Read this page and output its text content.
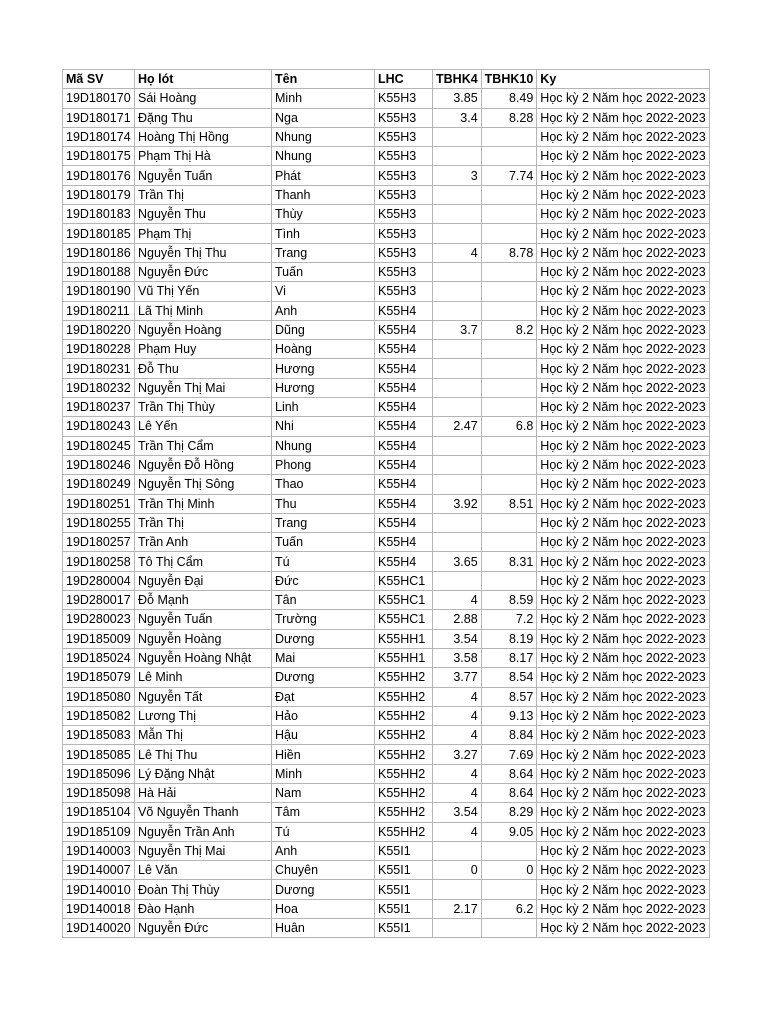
Mã SV	Họ lót	Tên	LHC	TBHK4	TBHK10	Ky
19D180170	Sái Hoàng	Minh	K55H3	3.85	8.49	Học kỳ 2 Năm học 2022-2023
19D180171	Đặng Thu	Nga	K55H3	3.4	8.28	Học kỳ 2 Năm học 2022-2023
19D180174	Hoàng Thị Hồng	Nhung	K55H3			Học kỳ 2 Năm học 2022-2023
19D180175	Phạm Thị Hà	Nhung	K55H3			Học kỳ 2 Năm học 2022-2023
19D180176	Nguyễn Tuấn	Phát	K55H3	3	7.74	Học kỳ 2 Năm học 2022-2023
19D180179	Trần Thị	Thanh	K55H3			Học kỳ 2 Năm học 2022-2023
19D180183	Nguyễn Thu	Thùy	K55H3			Học kỳ 2 Năm học 2022-2023
19D180185	Phạm Thị	Tình	K55H3			Học kỳ 2 Năm học 2022-2023
19D180186	Nguyễn Thị Thu	Trang	K55H3	4	8.78	Học kỳ 2 Năm học 2022-2023
19D180188	Nguyễn Đức	Tuấn	K55H3			Học kỳ 2 Năm học 2022-2023
19D180190	Vũ Thị Yến	Vi	K55H3			Học kỳ 2 Năm học 2022-2023
19D180211	Lã Thị Minh	Anh	K55H4			Học kỳ 2 Năm học 2022-2023
19D180220	Nguyễn Hoàng	Dũng	K55H4	3.7	8.2	Học kỳ 2 Năm học 2022-2023
19D180228	Phạm Huy	Hoàng	K55H4			Học kỳ 2 Năm học 2022-2023
19D180231	Đỗ Thu	Hương	K55H4			Học kỳ 2 Năm học 2022-2023
19D180232	Nguyễn Thị Mai	Hương	K55H4			Học kỳ 2 Năm học 2022-2023
19D180237	Trần Thị Thùy	Linh	K55H4			Học kỳ 2 Năm học 2022-2023
19D180243	Lê Yến	Nhi	K55H4	2.47	6.8	Học kỳ 2 Năm học 2022-2023
19D180245	Trần Thị Cẩm	Nhung	K55H4			Học kỳ 2 Năm học 2022-2023
19D180246	Nguyễn Đỗ Hồng	Phong	K55H4			Học kỳ 2 Năm học 2022-2023
19D180249	Nguyễn Thị Sông	Thao	K55H4			Học kỳ 2 Năm học 2022-2023
19D180251	Trần Thị Minh	Thu	K55H4	3.92	8.51	Học kỳ 2 Năm học 2022-2023
19D180255	Trần Thị	Trang	K55H4			Học kỳ 2 Năm học 2022-2023
19D180257	Trần Anh	Tuấn	K55H4			Học kỳ 2 Năm học 2022-2023
19D180258	Tô Thị Cẩm	Tú	K55H4	3.65	8.31	Học kỳ 2 Năm học 2022-2023
19D280004	Nguyễn Đại	Đức	K55HC1			Học kỳ 2 Năm học 2022-2023
19D280017	Đỗ Mạnh	Tân	K55HC1	4	8.59	Học kỳ 2 Năm học 2022-2023
19D280023	Nguyễn Tuấn	Trường	K55HC1	2.88	7.2	Học kỳ 2 Năm học 2022-2023
19D185009	Nguyễn Hoàng	Dương	K55HH1	3.54	8.19	Học kỳ 2 Năm học 2022-2023
19D185024	Nguyễn Hoàng Nhật	Mai	K55HH1	3.58	8.17	Học kỳ 2 Năm học 2022-2023
19D185079	Lê Minh	Dương	K55HH2	3.77	8.54	Học kỳ 2 Năm học 2022-2023
19D185080	Nguyễn Tất	Đạt	K55HH2	4	8.57	Học kỳ 2 Năm học 2022-2023
19D185082	Lương Thị	Hảo	K55HH2	4	9.13	Học kỳ 2 Năm học 2022-2023
19D185083	Mẫn Thị	Hậu	K55HH2	4	8.84	Học kỳ 2 Năm học 2022-2023
19D185085	Lê Thị Thu	Hiền	K55HH2	3.27	7.69	Học kỳ 2 Năm học 2022-2023
19D185096	Lý Đặng Nhật	Minh	K55HH2	4	8.64	Học kỳ 2 Năm học 2022-2023
19D185098	Hà Hải	Nam	K55HH2	4	8.64	Học kỳ 2 Năm học 2022-2023
19D185104	Võ Nguyễn Thanh	Tâm	K55HH2	3.54	8.29	Học kỳ 2 Năm học 2022-2023
19D185109	Nguyễn Trần Anh	Tú	K55HH2	4	9.05	Học kỳ 2 Năm học 2022-2023
19D140003	Nguyễn Thị Mai	Anh	K55I1			Học kỳ 2 Năm học 2022-2023
19D140007	Lê Văn	Chuyên	K55I1	0	0	Học kỳ 2 Năm học 2022-2023
19D140010	Đoàn Thị Thùy	Dương	K55I1			Học kỳ 2 Năm học 2022-2023
19D140018	Đào Hạnh	Hoa	K55I1	2.17	6.2	Học kỳ 2 Năm học 2022-2023
19D140020	Nguyễn Đức	Huân	K55I1			Học kỳ 2 Năm học 2022-2023
